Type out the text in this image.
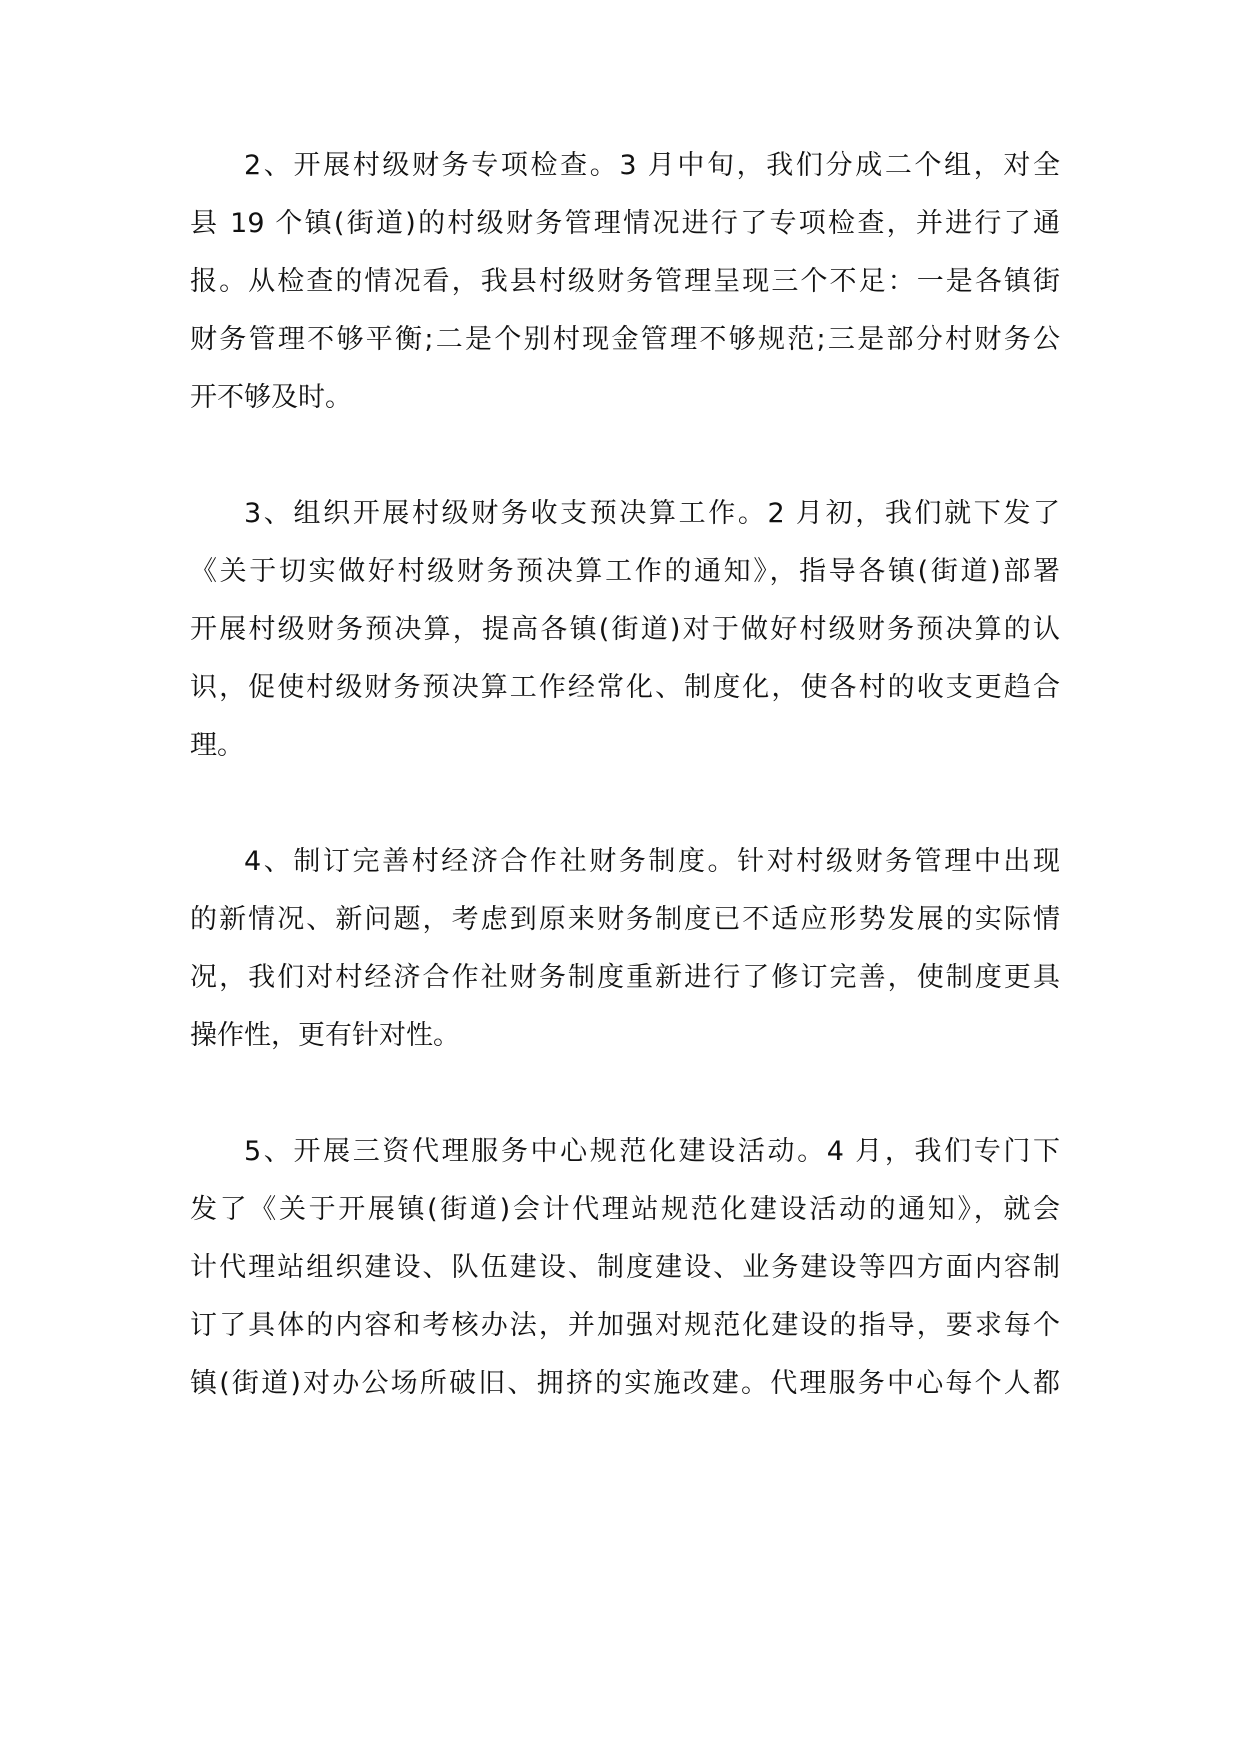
2、开展村级财务专项检查。3 月中旬，我们分成二个组，对全
县 19 个镇(街道)的村级财务管理情况进行了专项检查，并进行了通
报。从检查的情况看，我县村级财务管理呈现三个不足：一是各镇街
财务管理不够平衡;二是个别村现金管理不够规范;三是部分村财务公
开不够及时。
3、组织开展村级财务收支预决算工作。2 月初，我们就下发了
《关于切实做好村级财务预决算工作的通知》，指导各镇(街道)部署
开展村级财务预决算，提高各镇(街道)对于做好村级财务预决算的认
识，促使村级财务预决算工作经常化、制度化，使各村的收支更趋合
理。
4、制订完善村经济合作社财务制度。针对村级财务管理中出现
的新情况、新问题，考虑到原来财务制度已不适应形势发展的实际情
况，我们对村经济合作社财务制度重新进行了修订完善，使制度更具
操作性，更有针对性。
5、开展三资代理服务中心规范化建设活动。4 月，我们专门下
发了《关于开展镇(街道)会计代理站规范化建设活动的通知》，就会
计代理站组织建设、队伍建设、制度建设、业务建设等四方面内容制
订了具体的内容和考核办法，并加强对规范化建设的指导，要求每个
镇(街道)对办公场所破旧、拥挤的实施改建。代理服务中心每个人都
